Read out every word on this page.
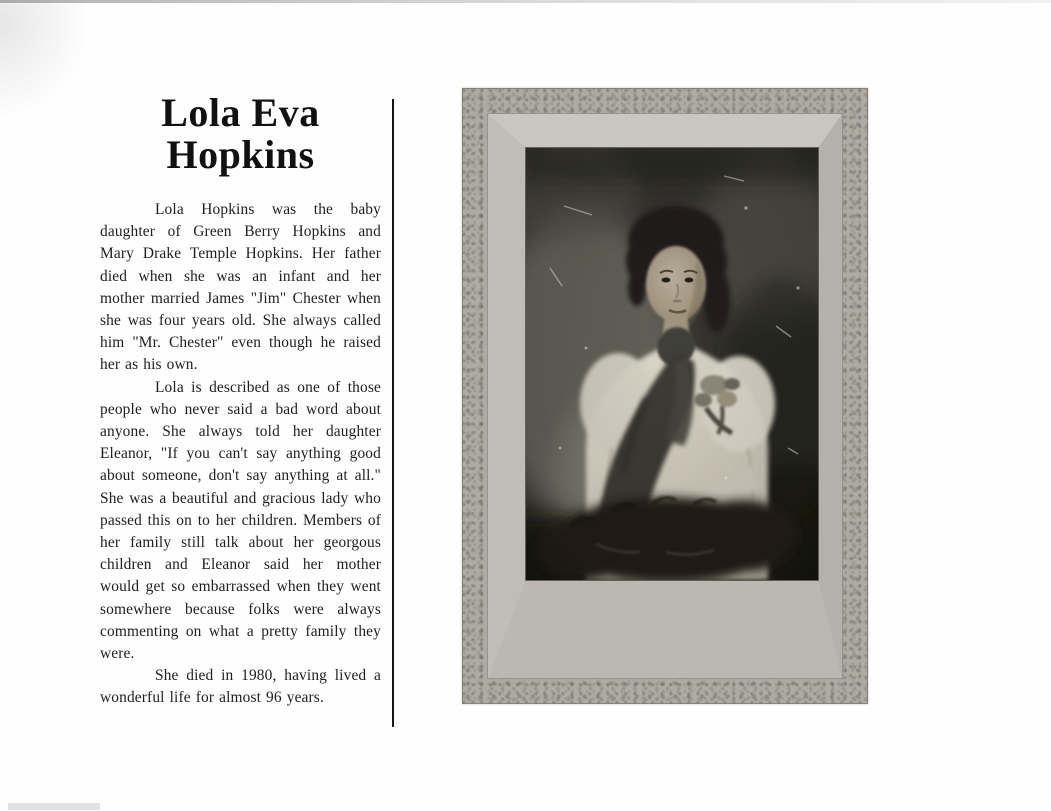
Lola Eva
Hopkins

Lola Hopkins was the baby daughter of Green Berry Hopkins and Mary Drake Temple Hopkins. Her father died when she was an infant and her mother married James "Jim" Chester when she was four years old. She always called him "Mr. Chester" even though he raised her as his own.

Lola is described as one of those people who never said a bad word about anyone. She always told her daughter Eleanor, "If you can't say anything good about someone, don't say anything at all." She was a beautiful and gracious lady who passed this on to her children. Members of her family still talk about her georgous children and Eleanor said her mother would get so embarrassed when they went somewhere because folks were always commenting on what a pretty family they were.

She died in 1980, having lived a wonderful life for almost 96 years.
